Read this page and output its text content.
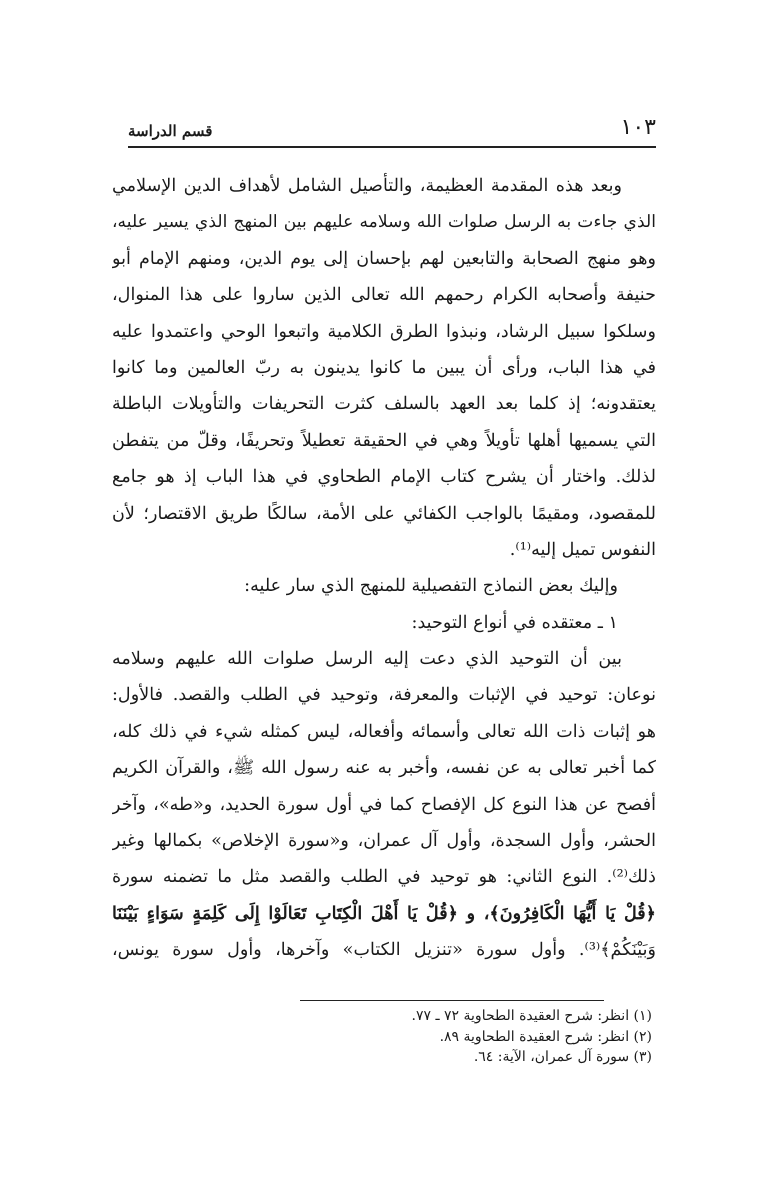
١٠٣
قسم الدراسة
وبعد هذه المقدمة العظيمة، والتأصيل الشامل لأهداف الدين الإسلامي
الذي جاءت به الرسل صلوات الله وسلامه عليهم بين المنهج الذي يسير عليه،
وهو منهج الصحابة والتابعين لهم بإحسان إلى يوم الدين، ومنهم الإمام أبو
حنيفة وأصحابه الكرام رحمهم الله تعالى الذين ساروا على هذا المنوال،
وسلكوا سبيل الرشاد، ونبذوا الطرق الكلامية واتبعوا الوحي واعتمدوا عليه
في هذا الباب، ورأى أن يبين ما كانوا يدينون به ربّ العالمين وما كانوا
يعتقدونه؛ إذ كلما بعد العهد بالسلف كثرت التحريفات والتأويلات الباطلة
التي يسميها أهلها تأويلاً وهي في الحقيقة تعطيلاً وتحريفًا، وقلّ من يتفطن
لذلك. واختار أن يشرح كتاب الإمام الطحاوي في هذا الباب إذ هو جامع
للمقصود، ومقيمًا بالواجب الكفائي على الأمة، سالكًا طريق الاقتصار؛ لأن
النفوس تميل إليه⁽¹⁾.
وإليك بعض النماذج التفصيلية للمنهج الذي سار عليه:
١ ـ معتقده في أنواع التوحيد:
بين أن التوحيد الذي دعت إليه الرسل صلوات الله عليهم وسلامه
نوعان: توحيد في الإثبات والمعرفة، وتوحيد في الطلب والقصد. فالأول:
هو إثبات ذات الله تعالى وأسمائه وأفعاله، ليس كمثله شيء في ذلك كله،
كما أخبر تعالى به عن نفسه، وأخبر به عنه رسول الله ﷺ، والقرآن الكريم
أفصح عن هذا النوع كل الإفصاح كما في أول سورة الحديد، و«طه»، وآخر
الحشر، وأول السجدة، وأول آل عمران، و«سورة الإخلاص» بكمالها وغير
ذلك⁽²⁾. النوع الثاني: هو توحيد في الطلب والقصد مثل ما تضمنه سورة
﴿قُلْ يَا أَيُّهَا الْكَافِرُونَ﴾، و ﴿قُلْ يَا أَهْلَ الْكِتَابِ تَعَالَوْا إِلَى كَلِمَةٍ سَوَاءٍ بَيْنَنَا
وَبَيْنَكُمْ﴾⁽³⁾. وأول سورة «تنزيل الكتاب» وآخرها، وأول سورة يونس،
(١) انظر: شرح العقيدة الطحاوية ٧٢ ـ ٧٧.
(٢) انظر: شرح العقيدة الطحاوية ٨٩.
(٣) سورة آل عمران، الآية: ٦٤.
